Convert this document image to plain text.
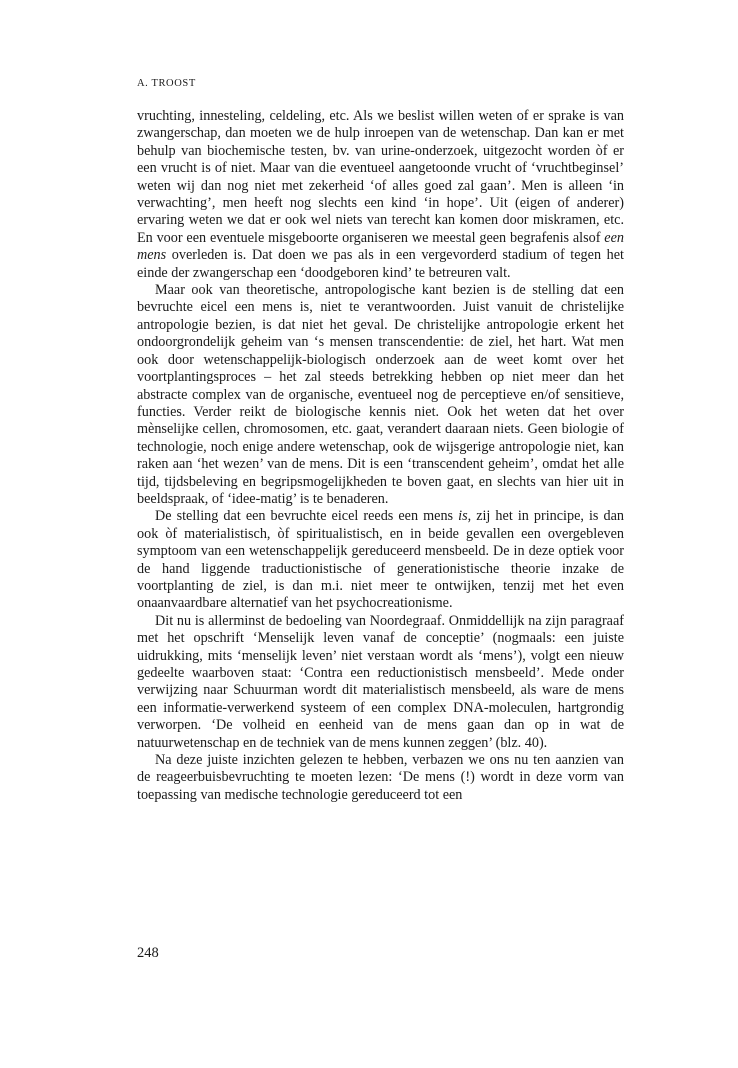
A. TROOST

vruchting, innesteling, celdeling, etc. Als we beslist willen weten of er sprake is van zwangerschap, dan moeten we de hulp inroepen van de wetenschap. Dan kan er met behulp van biochemische testen, bv. van urine-onderzoek, uitgezocht worden òf er een vrucht is of niet. Maar van die eventueel aangetoonde vrucht of ‘vruchtbeginsel’ weten wij dan nog niet met zekerheid ‘of alles goed zal gaan’. Men is alleen ‘in verwachting’, men heeft nog slechts een kind ‘in hope’. Uit (eigen of anderer) ervaring weten we dat er ook wel niets van terecht kan komen door miskramen, etc. En voor een eventuele misgeboorte organiseren we meestal geen begrafenis alsof een mens overleden is. Dat doen we pas als in een vergevorderd stadium of tegen het einde der zwangerschap een ‘doodgeboren kind’ te betreuren valt.

Maar ook van theoretische, antropologische kant bezien is de stelling dat een bevruchte eicel een mens is, niet te verantwoorden. Juist vanuit de christelijke antropologie bezien, is dat niet het geval. De christelijke antropologie erkent het ondoorgrondelijk geheim van ‘s mensen transcendentie: de ziel, het hart. Wat men ook door wetenschappelijk-biologisch onderzoek aan de weet komt over het voortplantingsproces – het zal steeds betrekking hebben op niet meer dan het abstracte complex van de organische, eventueel nog de perceptieve en/of sensitieve, functies. Verder reikt de biologische kennis niet. Ook het weten dat het over mènselijke cellen, chromosomen, etc. gaat, verandert daaraan niets. Geen biologie of technologie, noch enige andere wetenschap, ook de wijsgerige antropologie niet, kan raken aan ‘het wezen’ van de mens. Dit is een ‘transcendent geheim’, omdat het alle tijd, tijdsbeleving en begripsmogelijkheden te boven gaat, en slechts van hier uit in beeldspraak, of ‘idee-matig’ is te benaderen.

De stelling dat een bevruchte eicel reeds een mens is, zij het in principe, is dan ook òf materialistisch, òf spiritualistisch, en in beide gevallen een overgebleven symptoom van een wetenschappelijk gereduceerd mensbeeld. De in deze optiek voor de hand liggende traductionistische of generationistische theorie inzake de voortplanting de ziel, is dan m.i. niet meer te ontwijken, tenzij met het even onaanvaardbare alternatief van het psychocreationisme.

Dit nu is allerminst de bedoeling van Noordegraaf. Onmiddellijk na zijn paragraaf met het opschrift ‘Menselijk leven vanaf de conceptie’ (nogmaals: een juiste uidrukking, mits ‘menselijk leven’ niet verstaan wordt als ‘mens’), volgt een nieuw gedeelte waarboven staat: ‘Contra een reductionistisch mensbeeld’. Mede onder verwijzing naar Schuurman wordt dit materialistisch mensbeeld, als ware de mens een informatie-verwerkend systeem of een complex DNA-moleculen, hartgrondig verworpen. ‘De volheid en eenheid van de mens gaan dan op in wat de natuurwetenschap en de techniek van de mens kunnen zeggen’ (blz. 40).

Na deze juiste inzichten gelezen te hebben, verbazen we ons nu ten aanzien van de reageerbuisbevruchting te moeten lezen: ‘De mens (!) wordt in deze vorm van toepassing van medische technologie gereduceerd tot een

248
